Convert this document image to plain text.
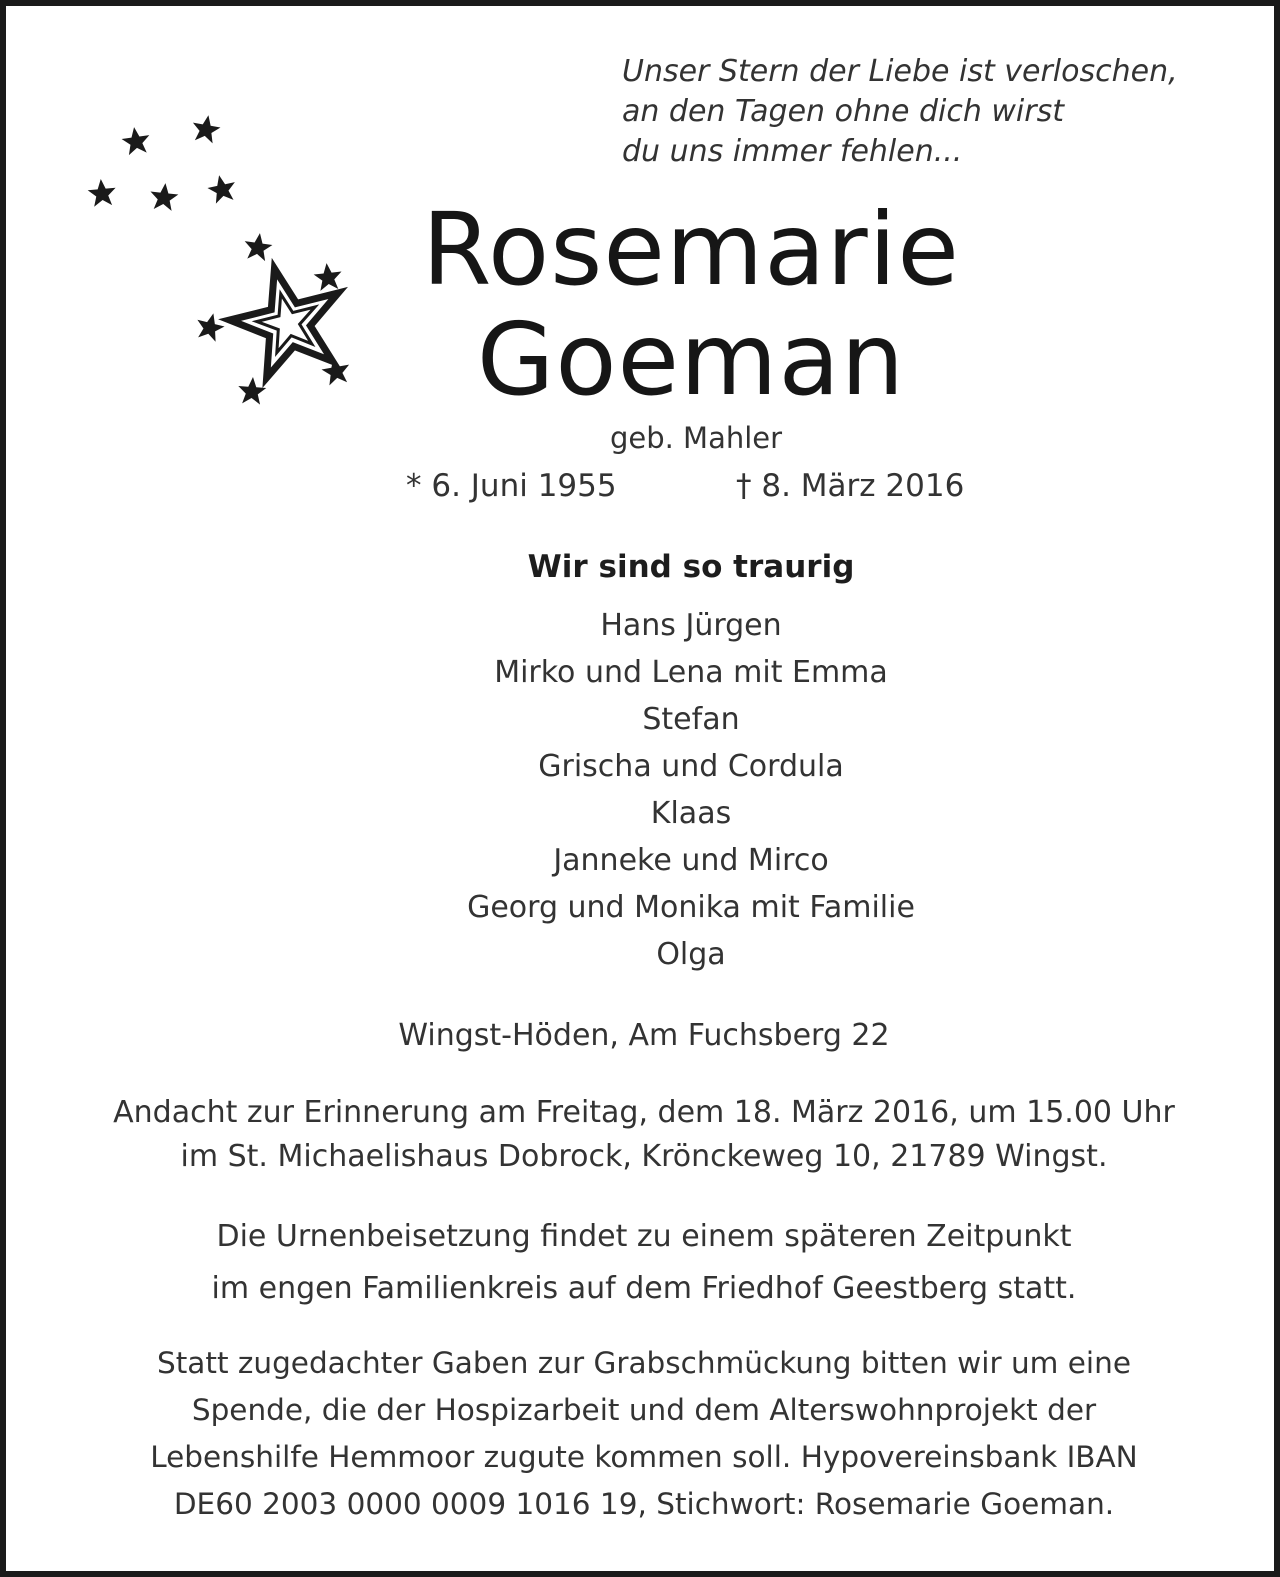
Unser Stern der Liebe ist verloschen,
an den Tagen ohne dich wirst
du uns immer fehlen...
Rosemarie
Goeman
geb. Mahler
* 6. Juni 1955	† 8. März 2016
Wir sind so traurig
Hans Jürgen
Mirko und Lena mit Emma
Stefan
Grischa und Cordula
Klaas
Janneke und Mirco
Georg und Monika mit Familie
Olga
Wingst-Höden, Am Fuchsberg 22
Andacht zur Erinnerung am Freitag, dem 18. März 2016, um 15.00 Uhr
im St. Michaelishaus Dobrock, Krönckeweg 10, 21789 Wingst.
Die Urnenbeisetzung findet zu einem späteren Zeitpunkt
im engen Familienkreis auf dem Friedhof Geestberg statt.
Statt zugedachter Gaben zur Grabschmückung bitten wir um eine
Spende, die der Hospizarbeit und dem Alterswohnprojekt der
Lebenshilfe Hemmoor zugute kommen soll. Hypovereinsbank IBAN
DE60 2003 0000 0009 1016 19, Stichwort: Rosemarie Goeman.
